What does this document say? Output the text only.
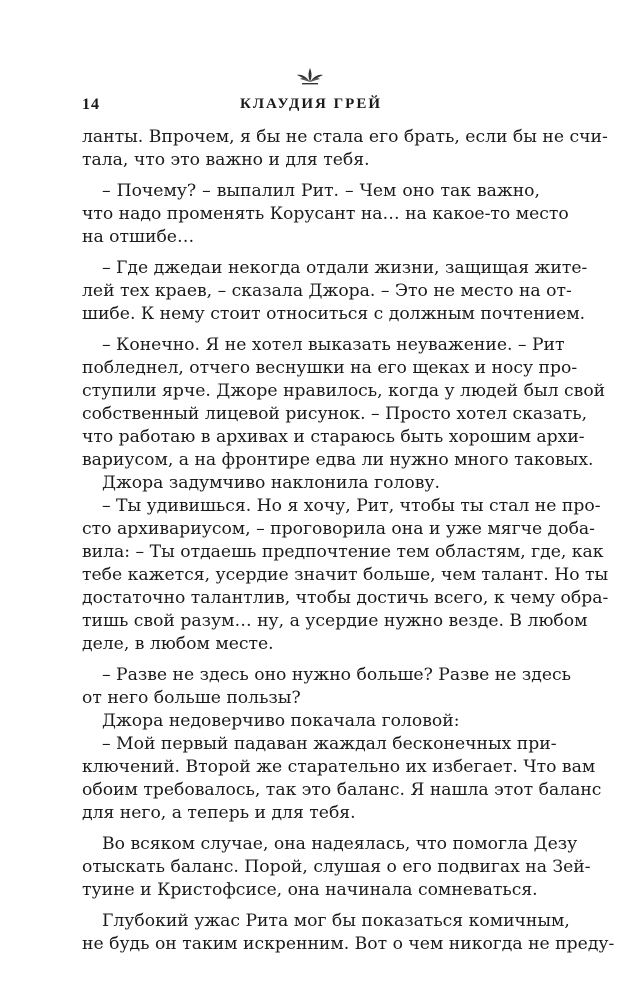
14	КЛАУДИЯ ГРЕЙ
ланты. Впрочем, я бы не стала его брать, если бы не счи-
тала, что это важно и для тебя.
– Почему? – выпалил Рит. – Чем оно так важно,
что надо променять Корусант на… на какое-то место
на отшибе…
– Где джедаи некогда отдали жизни, защищая жите-
лей тех краев, – сказала Джора. – Это не место на от-
шибе. К нему стоит относиться с должным почтением.
– Конечно. Я не хотел выказать неуважение. – Рит
побледнел, отчего веснушки на его щеках и носу про-
ступили ярче. Джоре нравилось, когда у людей был свой
собственный лицевой рисунок. – Просто хотел сказать,
что работаю в архивах и стараюсь быть хорошим архи-
вариусом, а на фронтире едва ли нужно много таковых.
Джора задумчиво наклонила голову.
– Ты удивишься. Но я хочу, Рит, чтобы ты стал не про-
сто архивариусом, – проговорила она и уже мягче доба-
вила: – Ты отдаешь предпочтение тем областям, где, как
тебе кажется, усердие значит больше, чем талант. Но ты
достаточно талантлив, чтобы достичь всего, к чему обра-
тишь свой разум… ну, а усердие нужно везде. В любом
деле, в любом месте.
– Разве не здесь оно нужно больше? Разве не здесь
от него больше пользы?
Джора недоверчиво покачала головой:
– Мой первый падаван жаждал бесконечных при-
ключений. Второй же старательно их избегает. Что вам
обоим требовалось, так это баланс. Я нашла этот баланс
для него, а теперь и для тебя.
Во всяком случае, она надеялась, что помогла Дезу
отыскать баланс. Порой, слушая о его подвигах на Зей-
туине и Кристофсисе, она начинала сомневаться.
Глубокий ужас Рита мог бы показаться комичным,
не будь он таким искренним. Вот о чем никогда не преду-
